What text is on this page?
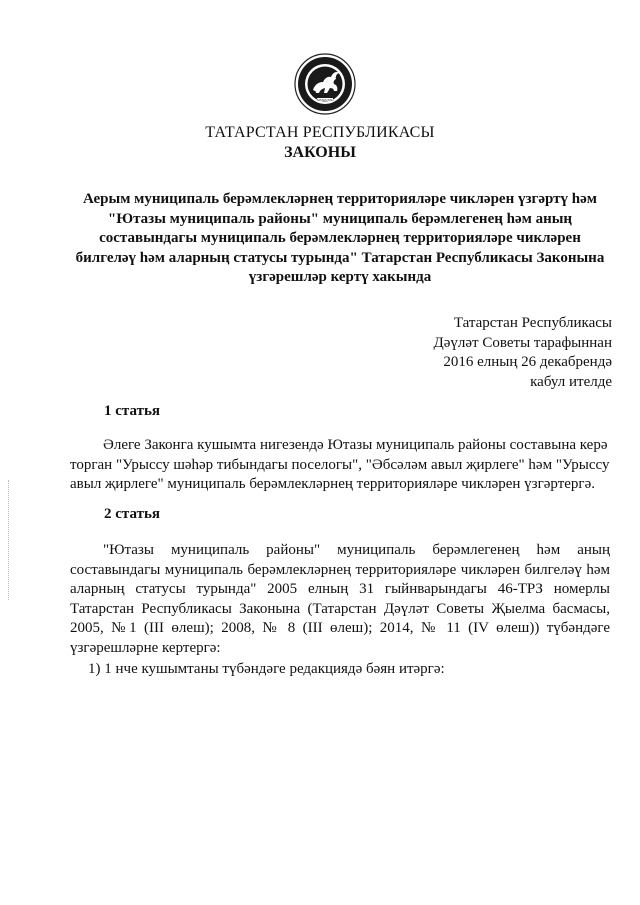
TATAPCTAH
ТАТАРСТАН РЕСПУБЛИКАСЫ
ЗАКОНЫ
Аерым муниципаль берәмлекләрнең территорияләре чикләрен үзгәртү һәм
"Ютазы муниципаль районы" муниципаль берәмлегенең һәм аның
составындагы муниципаль берәмлекләрнең территорияләре чикләрен
билгеләү һәм аларның статусы турында" Татарстан Республикасы Законына
үзгәрешләр кертү хакында
Татарстан Республикасы
Дәүләт Советы тарафыннан
2016 елның 26 декабрендә
кабул ителде
1 статья
Әлеге Законга кушымта нигезендә Ютазы муниципаль районы составына керә
торган "Урыссу шәһәр тибындагы поселогы", "Әбсәләм авыл җирлеге" һәм "Урыссу
авыл җирлеге" муниципаль берәмлекләрнең территорияләре чикләрен үзгәртергә.
2 статья
"Ютазы муниципаль районы" муниципаль берәмлегенең һәм аның
составындагы муниципаль берәмлекләрнең территорияләре чикләрен билгеләү һәм
аларның статусы турында" 2005 елның 31 гыйнварындагы 46-ТРЗ номерлы
Татарстан Республикасы Законына (Татарстан Дәүләт Советы Җыелма басмасы,
2005, №1 (III өлеш); 2008, № 8 (III өлеш); 2014, № 11 (IV өлеш)) түбәндәге
үзгәрешләрне кертергә:
1) 1 нче кушымтаны түбәндәге редакциядә бәян итәргә:
